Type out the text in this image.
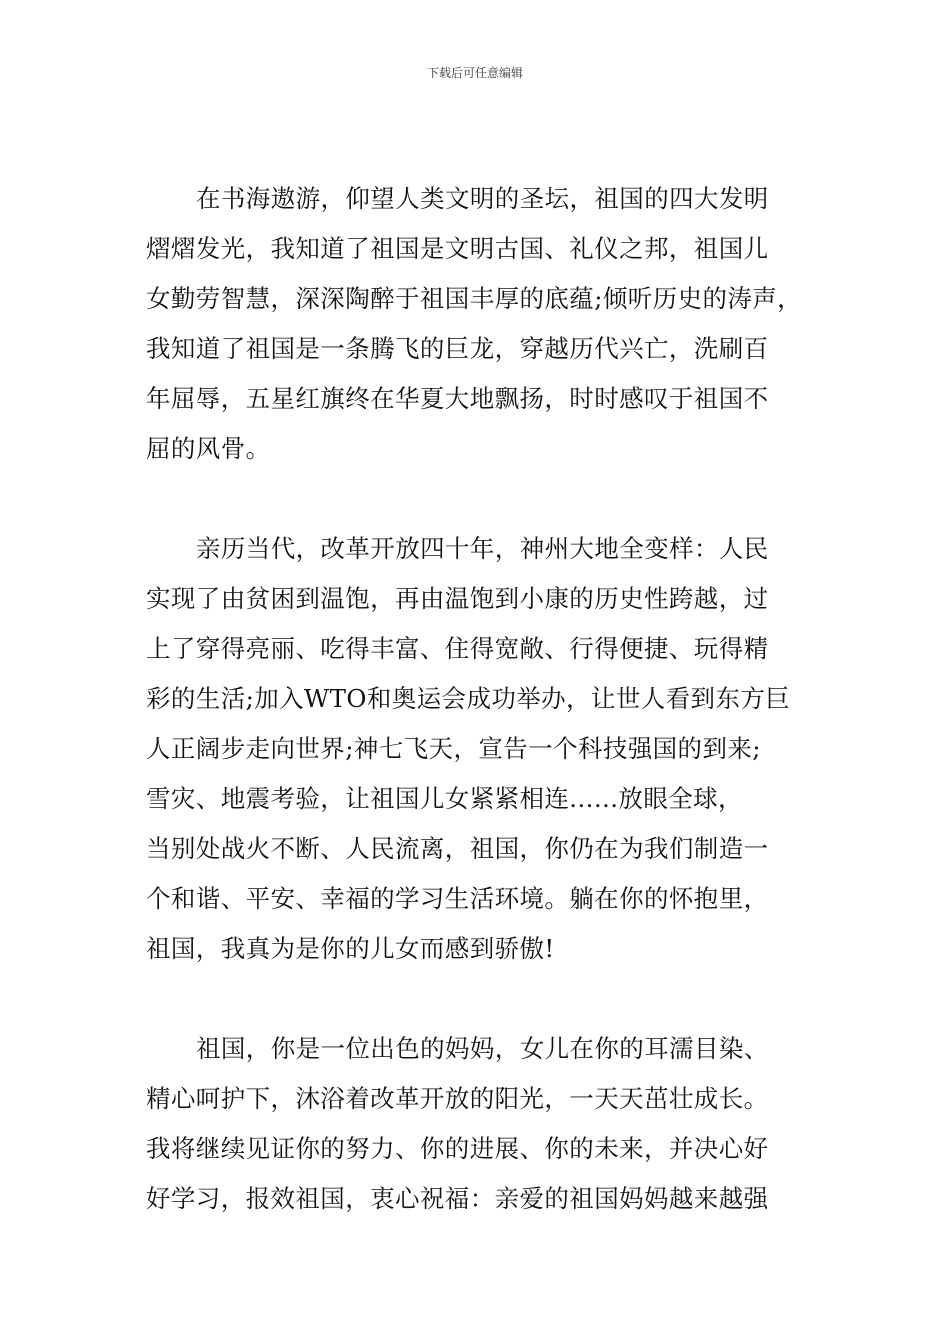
下载后可任意编辑
在书海遨游，仰望人类文明的圣坛，祖国的四大发明
熠熠发光，我知道了祖国是文明古国、礼仪之邦，祖国儿
女勤劳智慧，深深陶醉于祖国丰厚的底蕴;倾听历史的涛声，
我知道了祖国是一条腾飞的巨龙，穿越历代兴亡，洗刷百
年屈辱，五星红旗终在华夏大地飘扬，时时感叹于祖国不
屈的风骨。
亲历当代，改革开放四十年，神州大地全变样：人民
实现了由贫困到温饱，再由温饱到小康的历史性跨越，过
上了穿得亮丽、吃得丰富、住得宽敞、行得便捷、玩得精
彩的生活;加入WTO和奥运会成功举办，让世人看到东方巨
人正阔步走向世界;神七飞天，宣告一个科技强国的到来;
雪灾、地震考验，让祖国儿女紧紧相连......放眼全球，
当别处战火不断、人民流离，祖国，你仍在为我们制造一
个和谐、平安、幸福的学习生活环境。躺在你的怀抱里，
祖国，我真为是你的儿女而感到骄傲!
祖国，你是一位出色的妈妈，女儿在你的耳濡目染、
精心呵护下，沐浴着改革开放的阳光，一天天茁壮成长。
我将继续见证你的努力、你的进展、你的未来，并决心好
好学习，报效祖国，衷心祝福：亲爱的祖国妈妈越来越强
